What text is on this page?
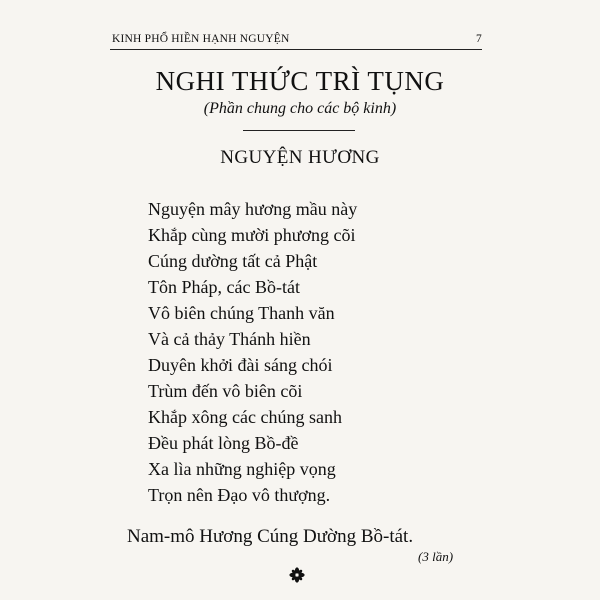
KINH PHỔ HIỀN HẠNH NGUYỆN	7
NGHI THỨC TRÌ TỤNG
(Phần chung cho các bộ kinh)
NGUYỆN HƯƠNG
Nguyện mây hương mầu này
Khắp cùng mười phương cõi
Cúng dường tất cả Phật
Tôn Pháp, các Bồ-tát
Vô biên chúng Thanh văn
Và cả thảy Thánh hiền
Duyên khởi đài sáng chói
Trùm đến vô biên cõi
Khắp xông các chúng sanh
Đều phát lòng Bồ-đề
Xa lìa những nghiệp vọng
Trọn nên Đạo vô thượng.
Nam-mô Hương Cúng Dường Bồ-tát.
(3 lần)
